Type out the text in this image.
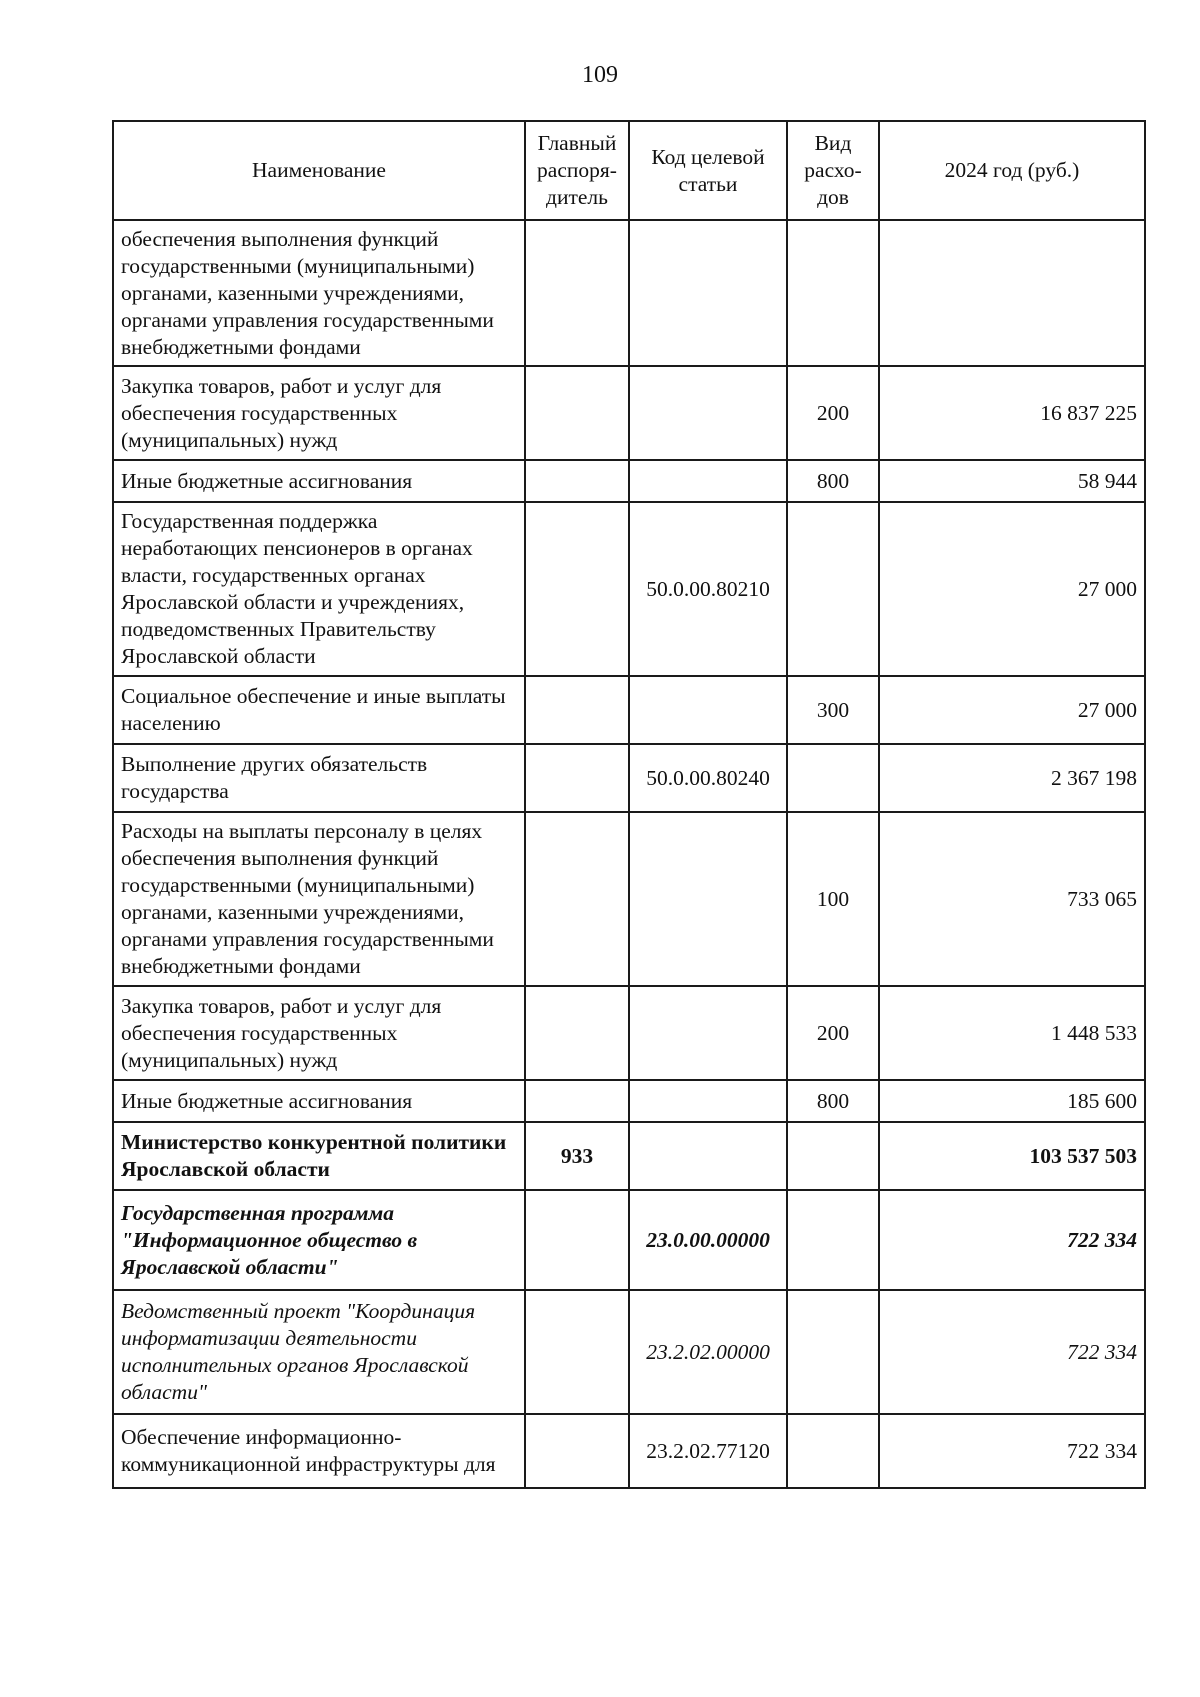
109
Наименование	Главный распоря-дитель	Код целевой статьи	Вид расхо-дов	2024 год (руб.)
обеспечения выполнения функций государственными (муниципальными) органами, казенными учреждениями, органами управления государственными внебюджетными фондами				
Закупка товаров, работ и услуг для обеспечения государственных (муниципальных) нужд			200	16 837 225
Иные бюджетные ассигнования			800	58 944
Государственная поддержка неработающих пенсионеров в органах власти, государственных органах Ярославской области и учреждениях, подведомственных Правительству Ярославской области		50.0.00.80210		27 000
Социальное обеспечение и иные выплаты населению			300	27 000
Выполнение других обязательств государства		50.0.00.80240		2 367 198
Расходы на выплаты персоналу в целях обеспечения выполнения функций государственными (муниципальными) органами, казенными учреждениями, органами управления государственными внебюджетными фондами			100	733 065
Закупка товаров, работ и услуг для обеспечения государственных (муниципальных) нужд			200	1 448 533
Иные бюджетные ассигнования			800	185 600
Министерство конкурентной политики Ярославской области	933			103 537 503
Государственная программа "Информационное общество в Ярославской области"		23.0.00.00000		722 334
Ведомственный проект "Координация информатизации деятельности исполнительных органов Ярославской области"		23.2.02.00000		722 334
Обеспечение информационно-коммуникационной инфраструктуры для		23.2.02.77120		722 334
